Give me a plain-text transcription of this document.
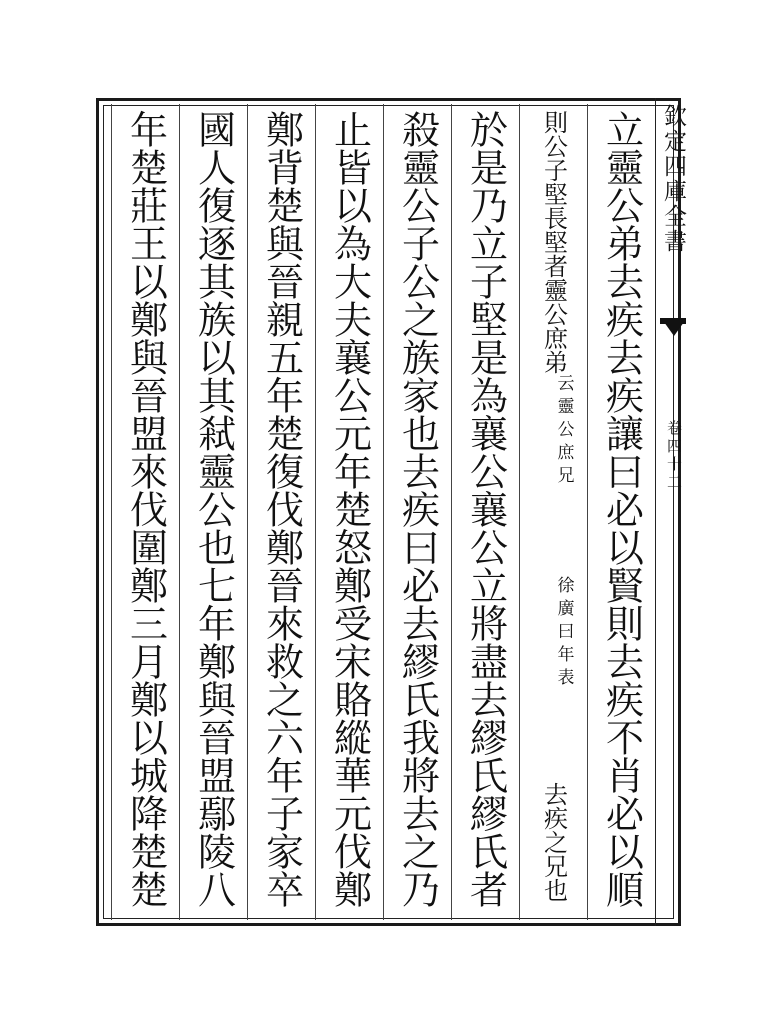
欽定四庫全書
卷四十二
立靈公弟去疾去疾讓曰必以賢則去疾不肖必以順
則公子堅長堅者靈公庶弟
徐廣曰年表
云靈公庶兄
去疾之兄也
於是乃立子堅是為襄公襄公立將盡去繆氏繆氏者
殺靈公子公之族家也去疾曰必去繆氏我將去之乃
止皆以為大夫襄公元年楚怒鄭受宋賂縱華元伐鄭
鄭背楚與晉親五年楚復伐鄭晉來救之六年子家卒
國人復逐其族以其弒靈公也七年鄭與晉盟鄢陵八
年楚莊王以鄭與晉盟來伐圍鄭三月鄭以城降楚楚
